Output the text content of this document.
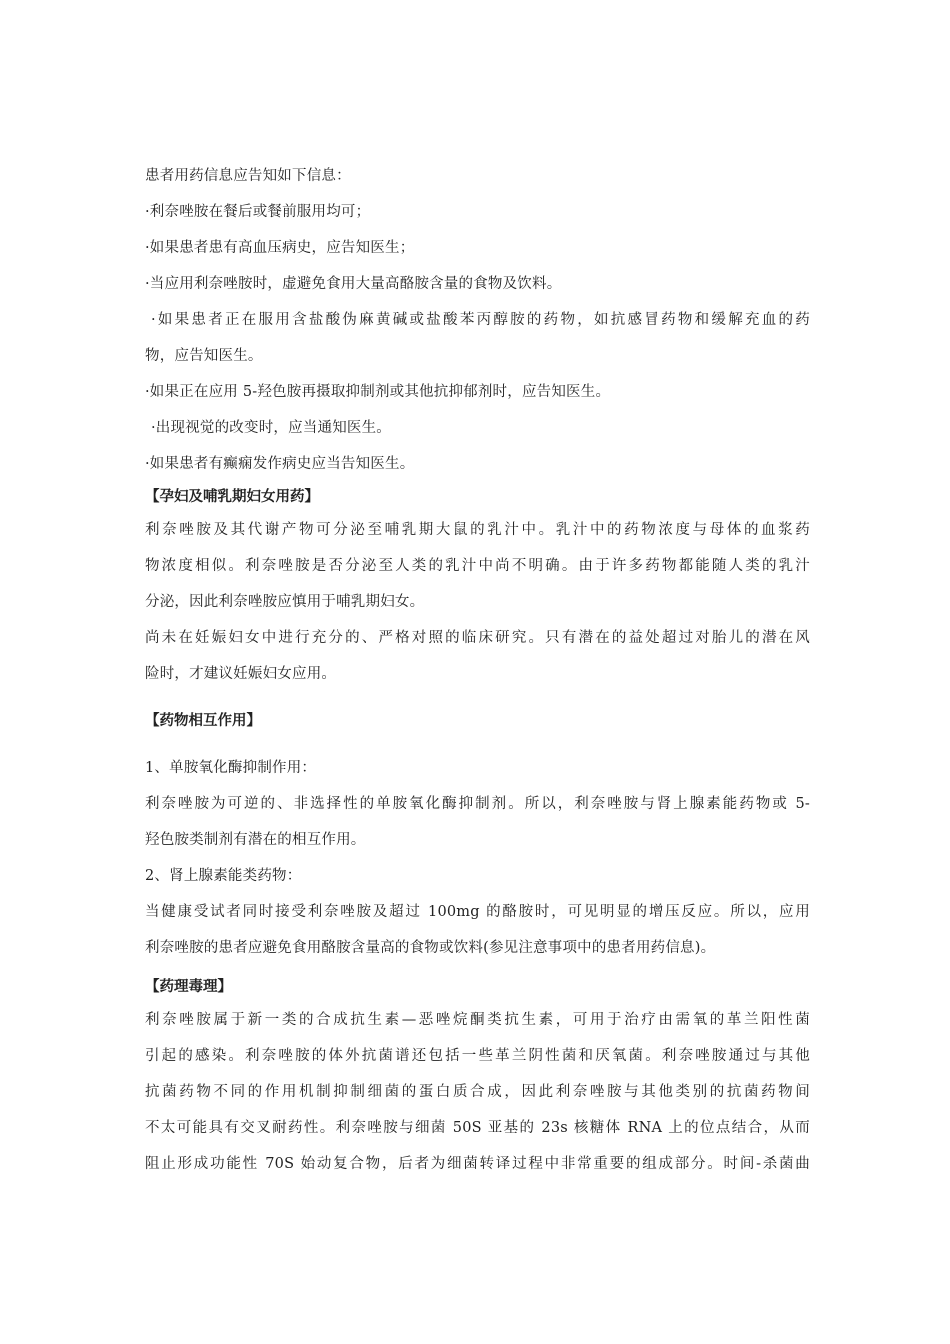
患者用药信息应告知如下信息：

·利奈唑胺在餐后或餐前服用均可；

·如果患者患有高血压病史，应告知医生；

·当应用利奈唑胺时，虚避免食用大量高酪胺含量的食物及饮料。

·如果患者正在服用含盐酸伪麻黄碱或盐酸苯丙醇胺的药物，如抗感冒药物和缓解充血的药

物，应告知医生。

·如果正在应用 5-羟色胺再摄取抑制剂或其他抗抑郁剂时，应告知医生。

·出现视觉的改变时，应当通知医生。

·如果患者有癫痫发作病史应当告知医生。

【孕妇及哺乳期妇女用药】

利奈唑胺及其代谢产物可分泌至哺乳期大鼠的乳汁中。乳汁中的药物浓度与母体的血浆药

物浓度相似。利奈唑胺是否分泌至人类的乳汁中尚不明确。由于许多药物都能随人类的乳汁

分泌，因此利奈唑胺应慎用于哺乳期妇女。

尚未在妊娠妇女中进行充分的、严格对照的临床研究。只有潜在的益处超过对胎儿的潜在风

险时，才建议妊娠妇女应用。

【药物相互作用】

1、单胺氧化酶抑制作用：

利奈唑胺为可逆的、非选择性的单胺氧化酶抑制剂。所以，利奈唑胺与肾上腺素能药物或 5-

羟色胺类制剂有潜在的相互作用。

2、肾上腺素能类药物：

当健康受试者同时接受利奈唑胺及超过 100mg 的酪胺时，可见明显的增压反应。所以，应用

利奈唑胺的患者应避免食用酪胺含量高的食物或饮料(参见注意事项中的患者用药信息)。

【药理毒理】

利奈唑胺属于新一类的合成抗生素—恶唑烷酮类抗生素，可用于治疗由需氧的革兰阳性菌

引起的感染。利奈唑胺的体外抗菌谱还包括一些革兰阴性菌和厌氧菌。利奈唑胺通过与其他

抗菌药物不同的作用机制抑制细菌的蛋白质合成，因此利奈唑胺与其他类别的抗菌药物间

不太可能具有交叉耐药性。利奈唑胺与细菌 50S 亚基的 23s 核糖体 RNA 上的位点结合，从而

阻止形成功能性 70S 始动复合物，后者为细菌转译过程中非常重要的组成部分。时间-杀菌曲
